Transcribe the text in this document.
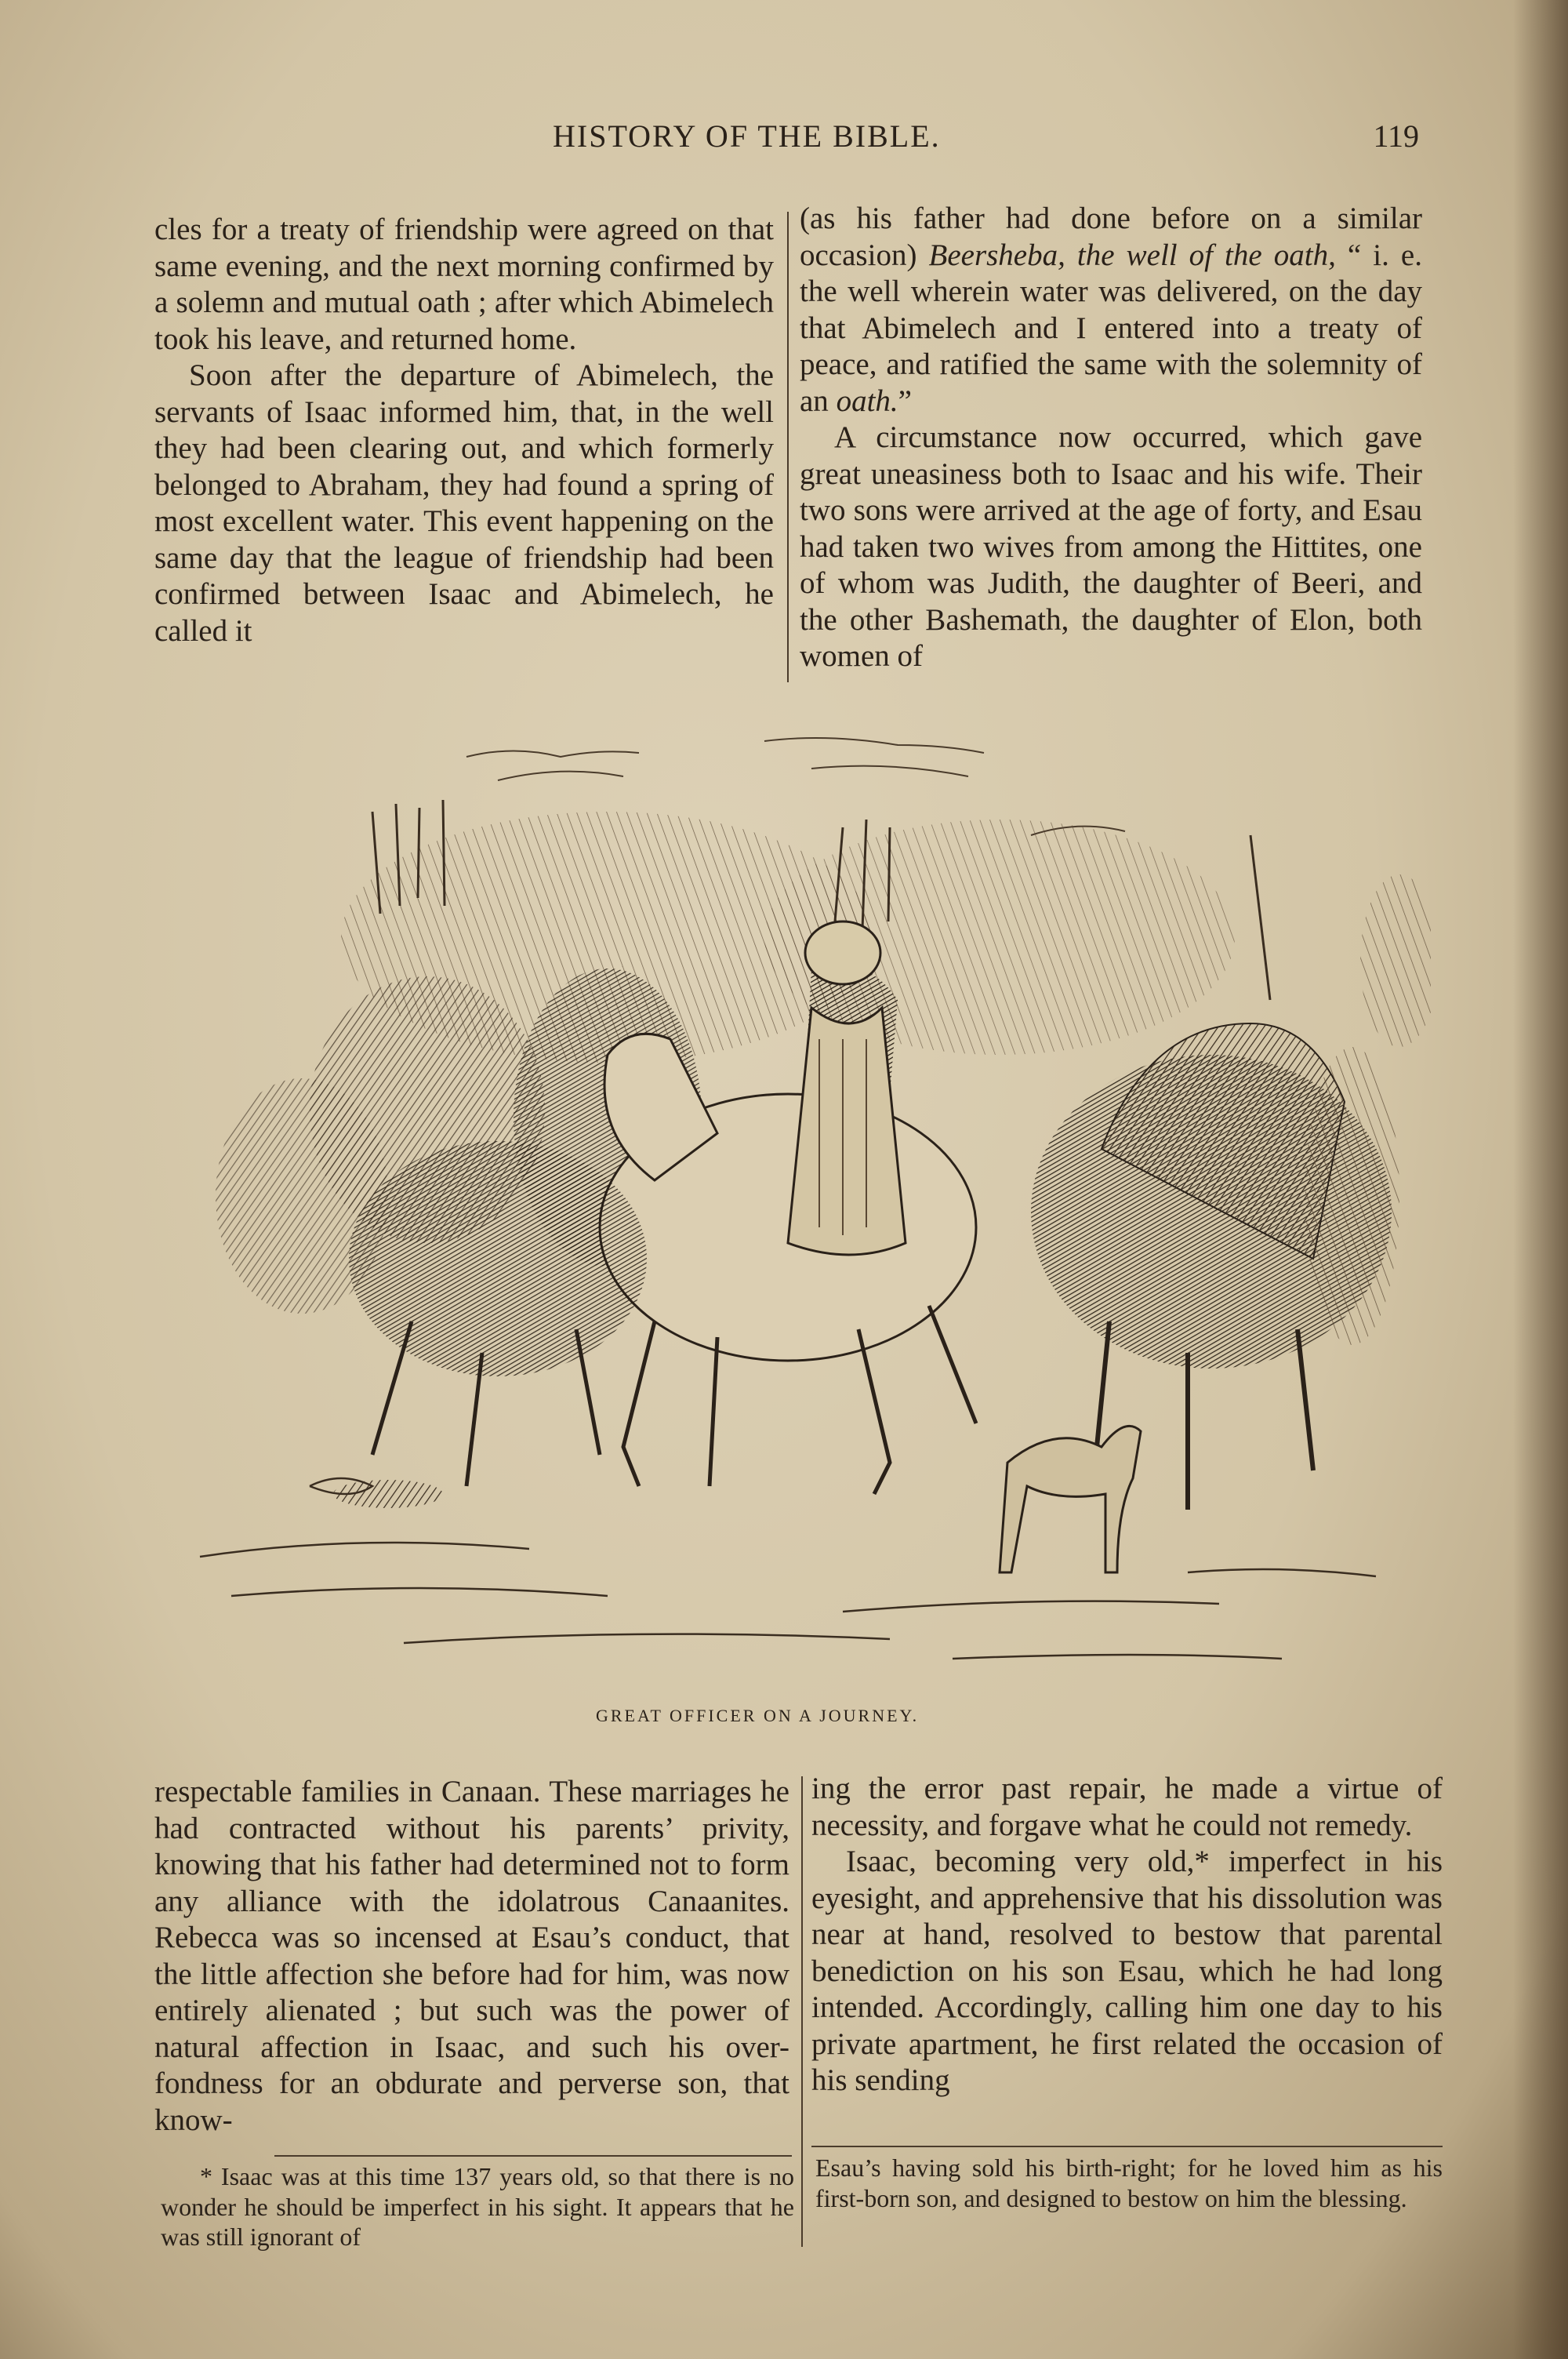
HISTORY OF THE BIBLE.	119

cles for a treaty of friendship were agreed on that same evening, and the next morning confirmed by a solemn and mutual oath ; after which Abimelech took his leave, and returned home.

Soon after the departure of Abimelech, the servants of Isaac informed him, that, in the well they had been clearing out, and which formerly belonged to Abraham, they had found a spring of most excellent water. This event happening on the same day that the league of friendship had been confirmed between Isaac and Abimelech, he called it

(as his father had done before on a similar occasion) Beersheba, the well of the oath, “ i. e. the well wherein water was delivered, on the day that Abimelech and I entered into a treaty of peace, and ratified the same with the solemnity of an oath.”

A circumstance now occurred, which gave great uneasiness both to Isaac and his wife. Their two sons were arrived at the age of forty, and Esau had taken two wives from among the Hittites, one of whom was Judith, the daughter of Beeri, and the other Bashemath, the daughter of Elon, both women of

GREAT OFFICER ON A JOURNEY.

respectable families in Canaan. These marriages he had contracted without his parents’ privity, knowing that his father had determined not to form any alliance with the idolatrous Canaanites. Rebecca was so incensed at Esau’s conduct, that the little affection she before had for him, was now entirely alienated ; but such was the power of natural affection in Isaac, and such his over-fondness for an obdurate and perverse son, that know-

ing the error past repair, he made a virtue of necessity, and forgave what he could not remedy.

Isaac, becoming very old,* imperfect in his eyesight, and apprehensive that his dissolution was near at hand, resolved to bestow that parental benediction on his son Esau, which he had long intended. Accordingly, calling him one day to his private apartment, he first related the occasion of his sending

* Isaac was at this time 137 years old, so that there is no wonder he should be imperfect in his sight. It appears that he was still ignorant of

Esau’s having sold his birth-right; for he loved him as his first-born son, and designed to bestow on him the blessing.
